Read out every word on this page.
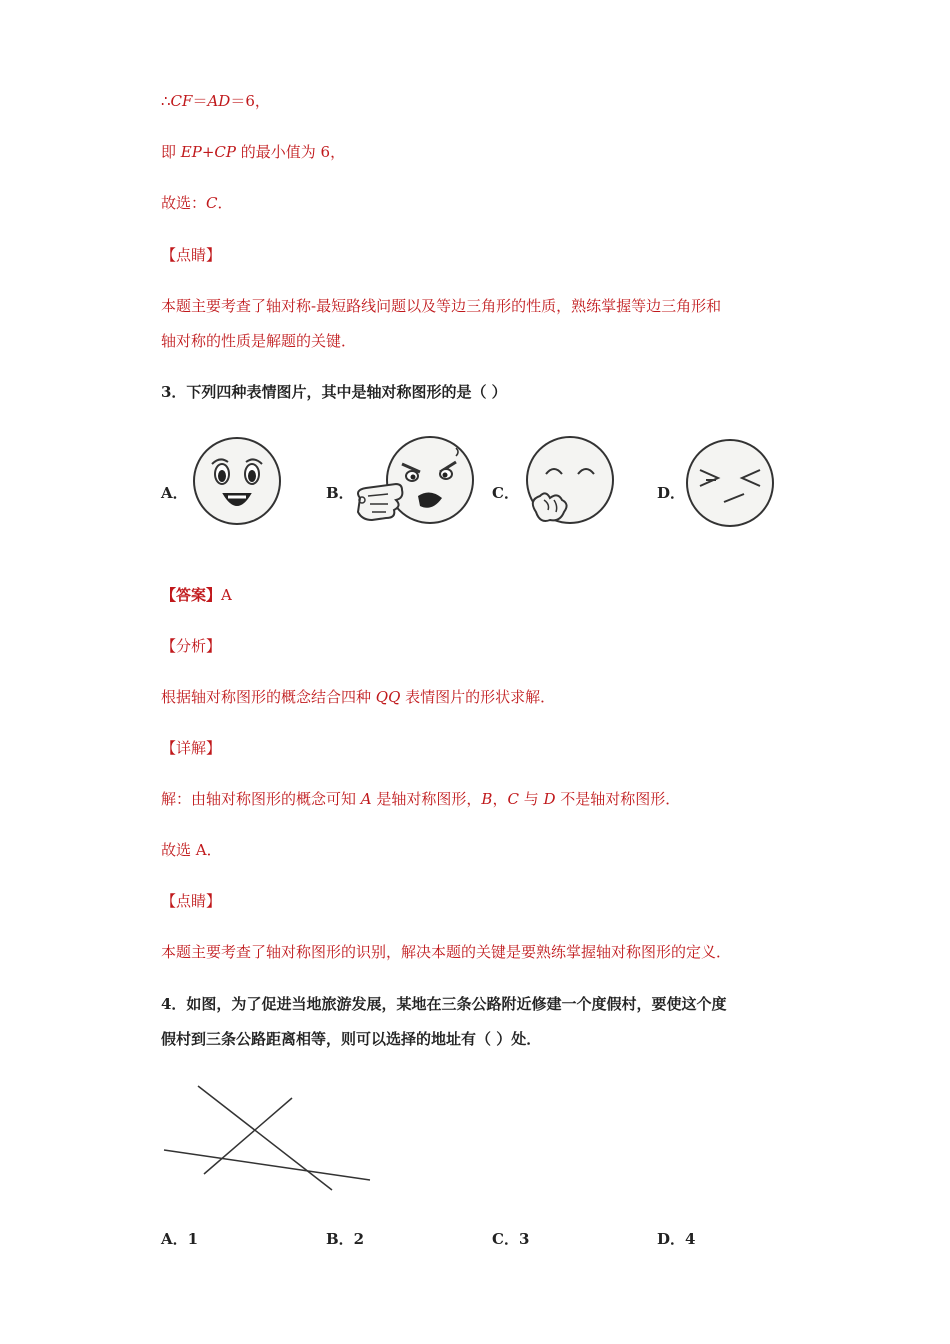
∴CF＝AD＝6，
即 EP+CP 的最小值为 6，
故选：C．
【点睛】
本题主要考查了轴对称-最短路线问题以及等边三角形的性质，熟练掌握等边三角形和
轴对称的性质是解题的关键．
3．下列四种表情图片，其中是轴对称图形的是（ ）
A．	B．	C．	D．
【答案】A
【分析】
根据轴对称图形的概念结合四种 QQ 表情图片的形状求解．
【详解】
解：由轴对称图形的概念可知 A 是轴对称图形，B，C 与 D 不是轴对称图形．
故选 A．
【点睛】
本题主要考查了轴对称图形的识别，解决本题的关键是要熟练掌握轴对称图形的定义．
4．如图，为了促进当地旅游发展，某地在三条公路附近修建一个度假村，要使这个度
假村到三条公路距离相等，则可以选择的地址有（ ）处．
A．1	B．2	C．3	D．4
